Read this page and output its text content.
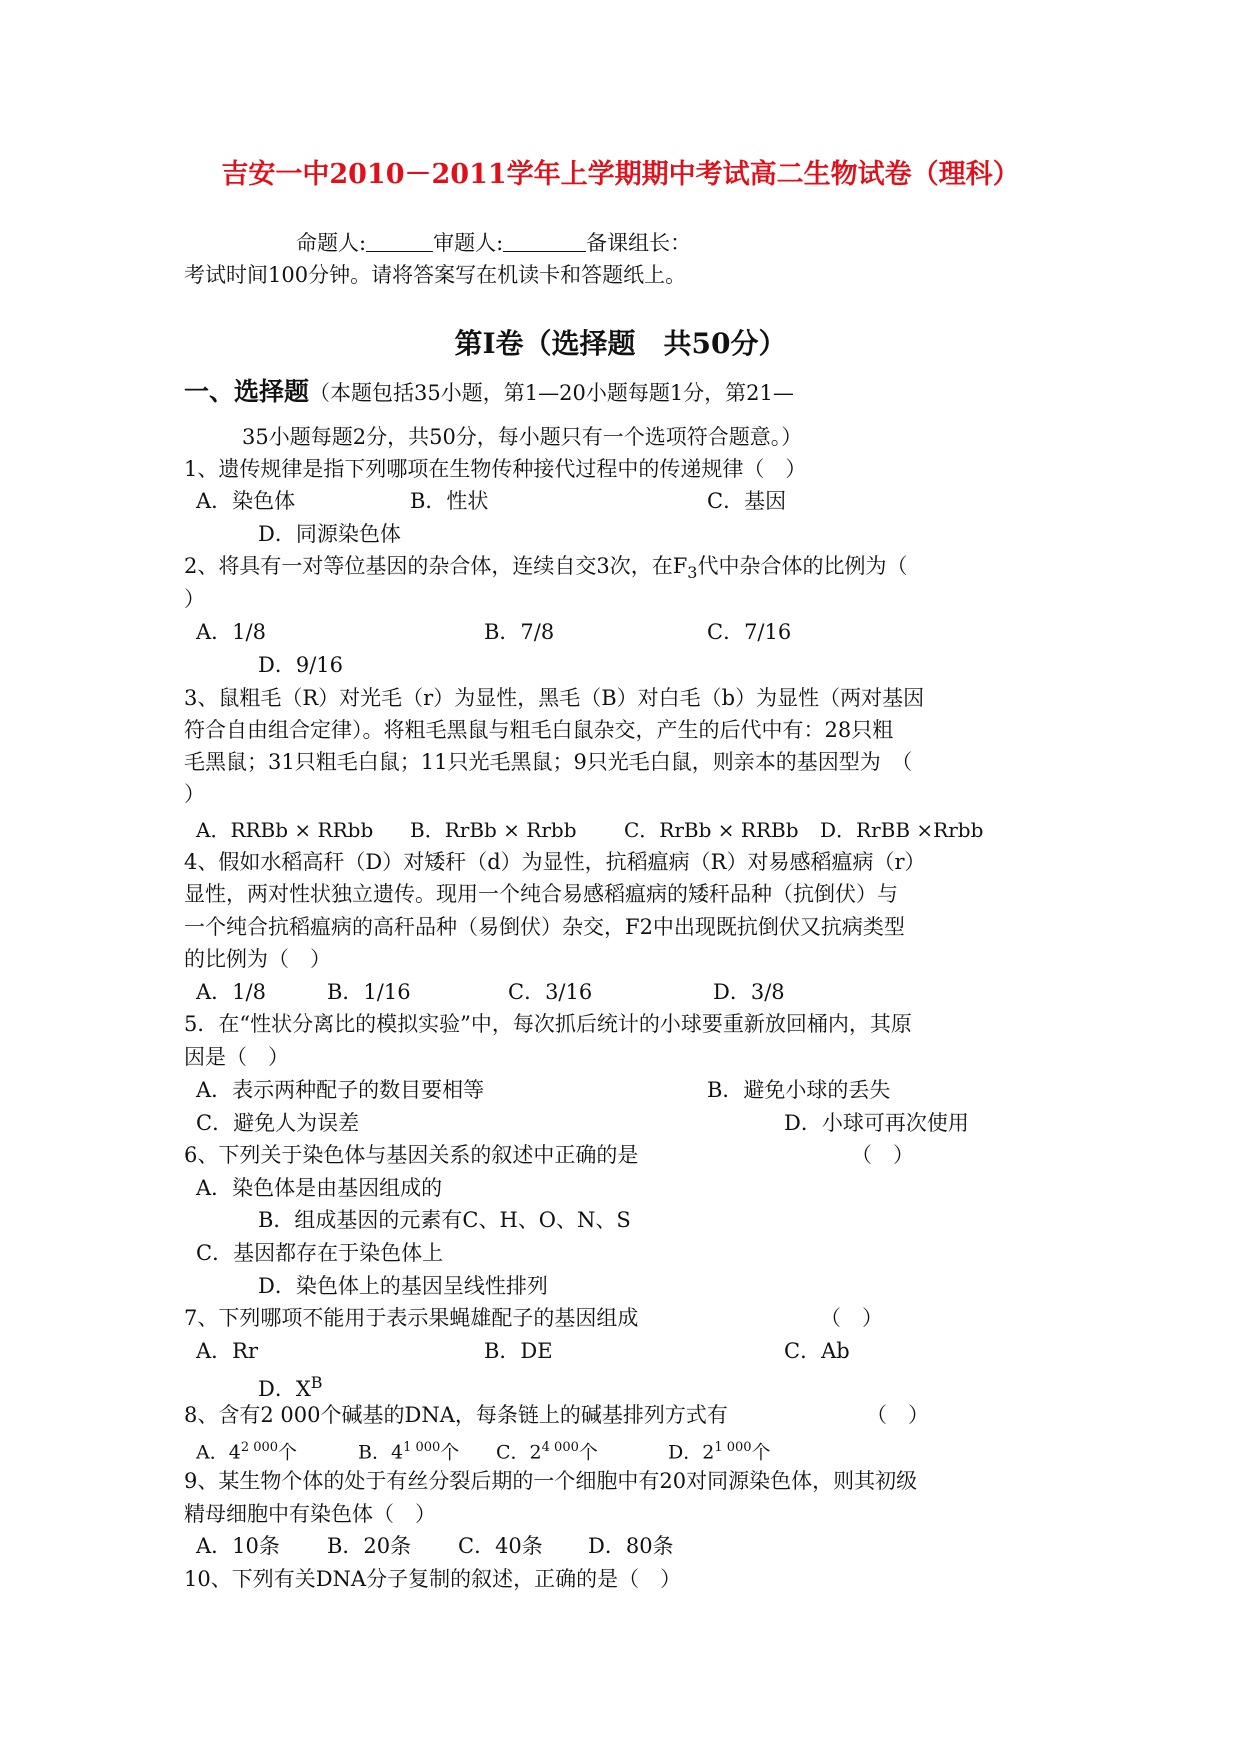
吉安一中2010－2011学年上学期期中考试高二生物试卷（理科）
命题人:	审题人:	备课组长：
考试时间100分钟。请将答案写在机读卡和答题纸上。
第Ⅰ卷（选择题　共50分）
一、选择题（本题包括35小题，第1—20小题每题1分，第21—
35小题每题2分，共50分，每小题只有一个选项符合题意。）
1、遗传规律是指下列哪项在生物传种接代过程中的传递规律（　）
A．染色体	B．性状	C．基因
D．同源染色体
2、将具有一对等位基因的杂合体，连续自交3次，在$F_3$代中杂合体的比例为（
）
A．1/8	B．7/8	C．7/16
D．9/16
3、鼠粗毛（R）对光毛（r）为显性，黑毛（B）对白毛（b）为显性（两对基因
符合自由组合定律）。将粗毛黑鼠与粗毛白鼠杂交，产生的后代中有：28只粗
毛黑鼠；31只粗毛白鼠；11只光毛黑鼠；9只光毛白鼠，则亲本的基因型为　（
）
A．RRBb × RRbb B．RrBb × Rrbb C．RrBb × RRBb D．RrBB ×Rrbb
4、假如水稻高秆（D）对矮秆（d）为显性，抗稻瘟病（R）对易感稻瘟病（r）
显性，两对性状独立遗传。现用一个纯合易感稻瘟病的矮秆品种（抗倒伏）与
一个纯合抗稻瘟病的高秆品种（易倒伏）杂交，F2中出现既抗倒伏又抗病类型
的比例为（　）
A．1/8	B．1/16	C．3/16	D．3/8
5．在“性状分离比的模拟实验”中，每次抓后统计的小球要重新放回桶内，其原
因是（　）
A．表示两种配子的数目要相等	B．避免小球的丢失
C．避免人为误差	D．小球可再次使用
6、下列关于染色体与基因关系的叙述中正确的是	（　）
A．染色体是由基因组成的
B．组成基因的元素有C、H、O、N、S
C．基因都存在于染色体上
D．染色体上的基因呈线性排列
7、下列哪项不能用于表示果蝇雄配子的基因组成	（　）
A．Rr	B．DE	C．Ab
D．$X^B$
8、含有2 000个碱基的DNA，每条链上的碱基排列方式有	（　）
A．$4^{2 000}$个	B．$4^{1 000}$个 C．$2^{4 000}$个	D．$2^{1 000}$个
9、某生物个体的处于有丝分裂后期的一个细胞中有20对同源染色体，则其初级
精母细胞中有染色体（　）
A．10条 B．20条 C．40条 D．80条
10、下列有关DNA分子复制的叙述，正确的是（　）
